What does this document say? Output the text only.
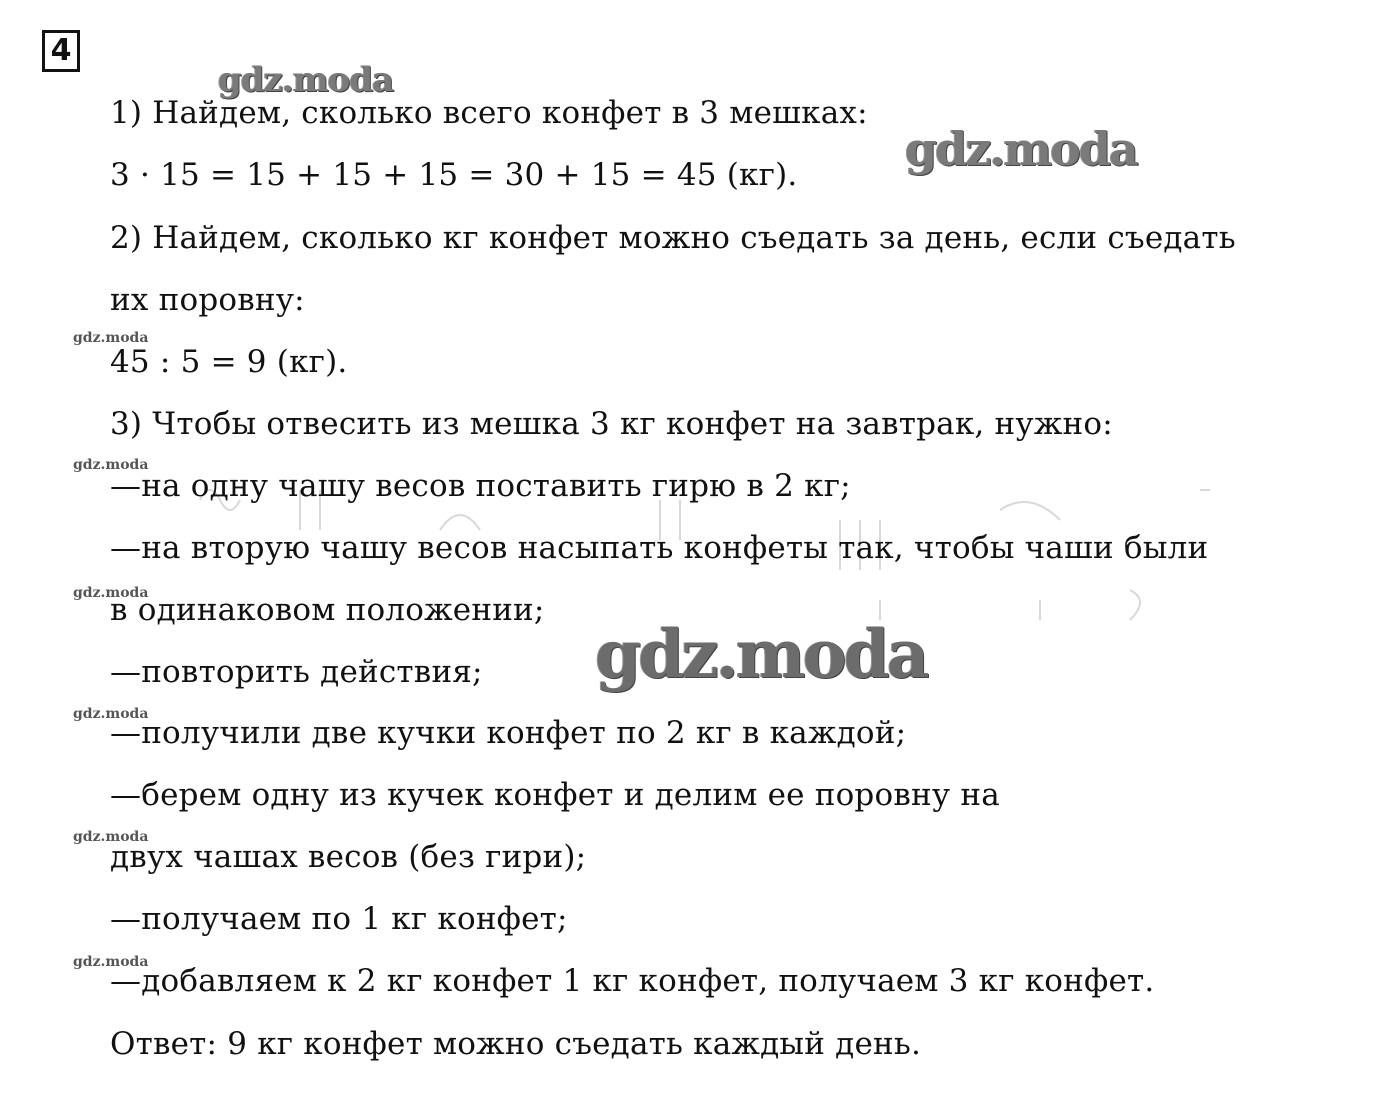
4
gdz.moda
gdz.moda
gdz.moda
gdz.moda
gdz.moda
gdz.moda
gdz.moda
gdz.moda
1) Найдем, сколько всего конфет в 3 мешках:
3 · 15 = 15 + 15 + 15 = 30 + 15 = 45 (кг).
2) Найдем, сколько кг конфет можно съедать за день, если съедать
их поровну:
45 : 5 = 9 (кг).
3) Чтобы отвесить из мешка 3 кг конфет на завтрак, нужно:
—на одну чашу весов поставить гирю в 2 кг;
—на вторую чашу весов насыпать конфеты так, чтобы чаши были
в одинаковом положении;
—повторить действия;
—получили две кучки конфет по 2 кг в каждой;
—берем одну из кучек конфет и делим ее поровну на
двух чашах весов (без гири);
—получаем по 1 кг конфет;
—добавляем к 2 кг конфет 1 кг конфет, получаем 3 кг конфет.
Ответ: 9 кг конфет можно съедать каждый день.
gdz.moda
